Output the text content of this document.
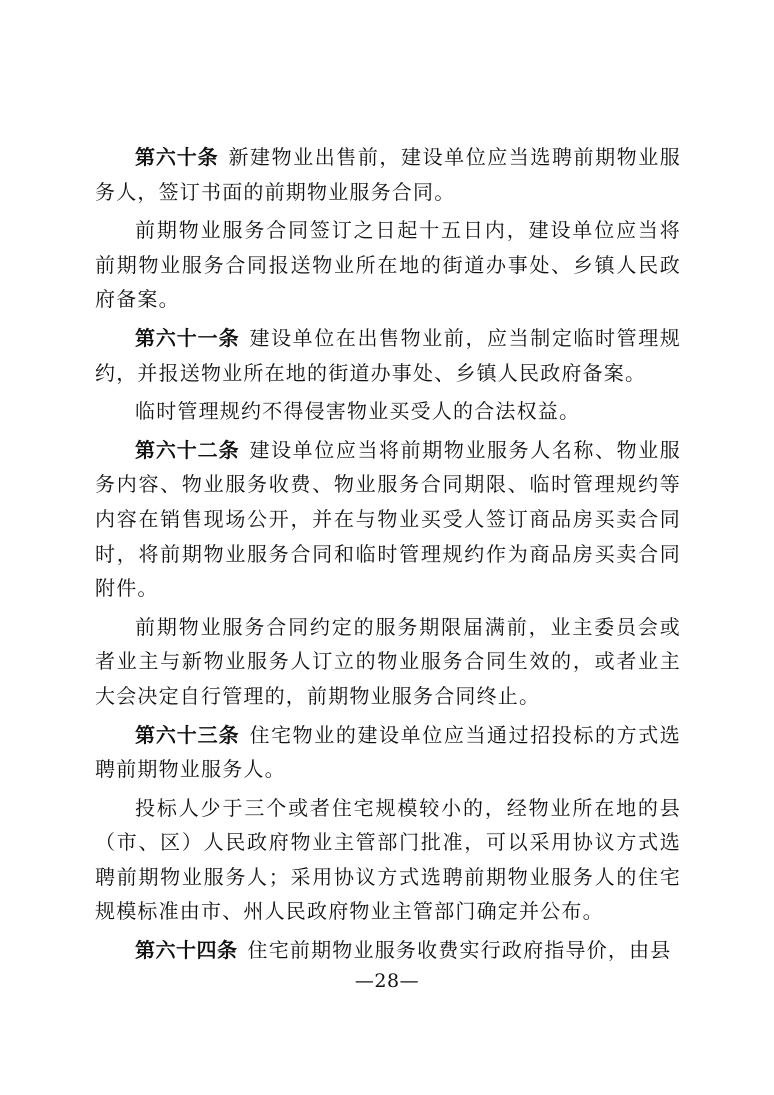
第六十条 新建物业出售前，建设单位应当选聘前期物业服务人，签订书面的前期物业服务合同。

前期物业服务合同签订之日起十五日内，建设单位应当将前期物业服务合同报送物业所在地的街道办事处、乡镇人民政府备案。

第六十一条 建设单位在出售物业前，应当制定临时管理规约，并报送物业所在地的街道办事处、乡镇人民政府备案。

临时管理规约不得侵害物业买受人的合法权益。

第六十二条 建设单位应当将前期物业服务人名称、物业服务内容、物业服务收费、物业服务合同期限、临时管理规约等内容在销售现场公开，并在与物业买受人签订商品房买卖合同时，将前期物业服务合同和临时管理规约作为商品房买卖合同附件。

前期物业服务合同约定的服务期限届满前，业主委员会或者业主与新物业服务人订立的物业服务合同生效的，或者业主大会决定自行管理的，前期物业服务合同终止。

第六十三条 住宅物业的建设单位应当通过招投标的方式选聘前期物业服务人。

投标人少于三个或者住宅规模较小的，经物业所在地的县（市、区）人民政府物业主管部门批准，可以采用协议方式选聘前期物业服务人；采用协议方式选聘前期物业服务人的住宅规模标准由市、州人民政府物业主管部门确定并公布。

第六十四条 住宅前期物业服务收费实行政府指导价，由县

—28—
